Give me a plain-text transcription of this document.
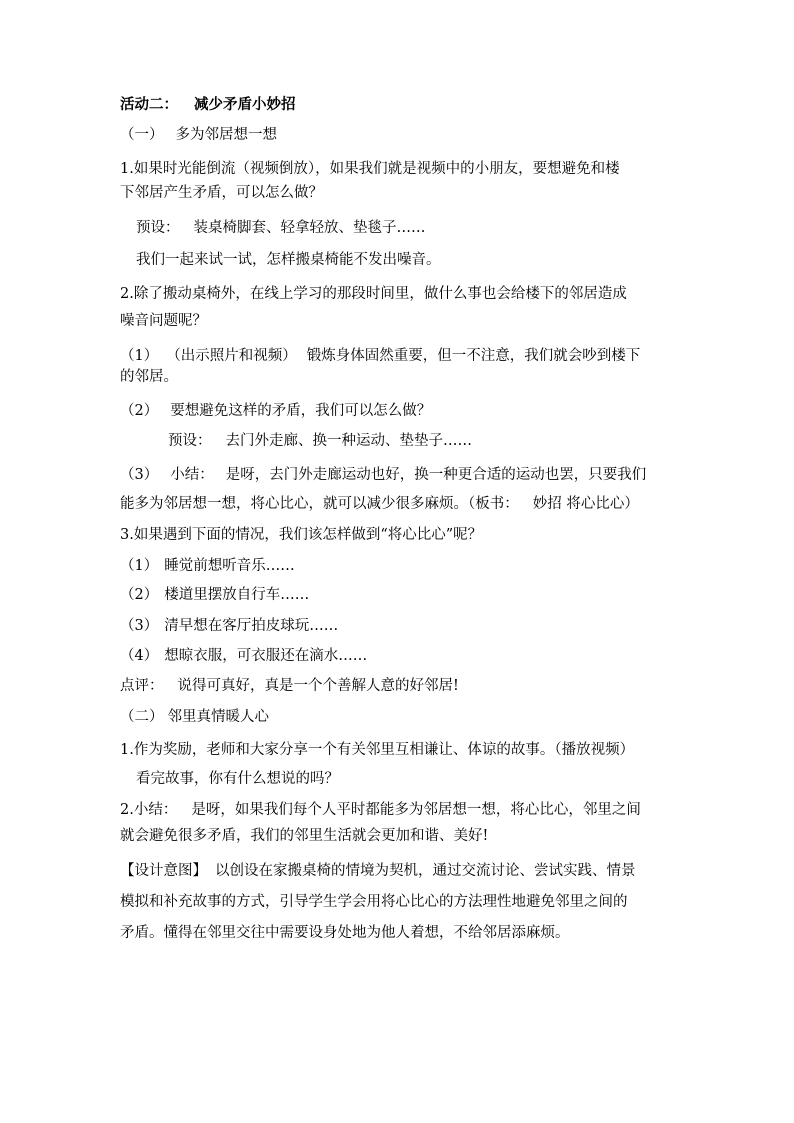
活动二： 减少矛盾小妙招
（一） 多为邻居想一想
1.如果时光能倒流（视频倒放），如果我们就是视频中的小朋友，要想避免和楼
下邻居产生矛盾，可以怎么做？
预设： 装桌椅脚套、轻拿轻放、垫毯子……
我们一起来试一试，怎样搬桌椅能不发出噪音。
2.除了搬动桌椅外，在线上学习的那段时间里，做什么事也会给楼下的邻居造成
噪音问题呢？
（1） （出示照片和视频） 锻炼身体固然重要，但一不注意，我们就会吵到楼下
的邻居。
（2） 要想避免这样的矛盾，我们可以怎么做？
预设： 去门外走廊、换一种运动、垫垫子……
（3） 小结： 是呀，去门外走廊运动也好，换一种更合适的运动也罢，只要我们
能多为邻居想一想，将心比心，就可以减少很多麻烦。（板书： 妙招 将心比心）
3.如果遇到下面的情况，我们该怎样做到“将心比心”呢？
（1） 睡觉前想听音乐……
（2） 楼道里摆放自行车……
（3） 清早想在客厅拍皮球玩……
（4） 想晾衣服，可衣服还在滴水……
点评： 说得可真好，真是一个个善解人意的好邻居!
（二） 邻里真情暖人心
1.作为奖励，老师和大家分享一个有关邻里互相谦让、体谅的故事。（播放视频）
看完故事，你有什么想说的吗？
2.小结： 是呀，如果我们每个人平时都能多为邻居想一想，将心比心，邻里之间
就会避免很多矛盾，我们的邻里生活就会更加和谐、美好!
【设计意图】 以创设在家搬桌椅的情境为契机，通过交流讨论、尝试实践、情景
模拟和补充故事的方式，引导学生学会用将心比心的方法理性地避免邻里之间的
矛盾。懂得在邻里交往中需要设身处地为他人着想，不给邻居添麻烦。
